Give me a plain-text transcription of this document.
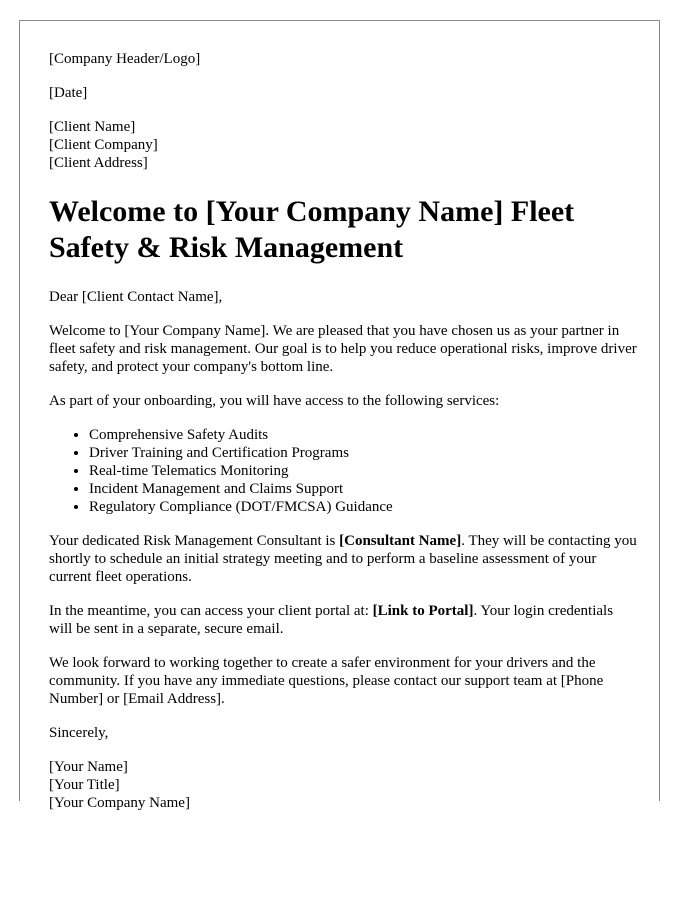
[Company Header/Logo]

[Date]

[Client Name]
[Client Company]
[Client Address]
Welcome to [Your Company Name] Fleet Safety & Risk Management

Dear [Client Contact Name],

Welcome to [Your Company Name]. We are pleased that you have chosen us as your partner in fleet safety and risk management. Our goal is to help you reduce operational risks, improve driver safety, and protect your company's bottom line.

As part of your onboarding, you will have access to the following services:

• Comprehensive Safety Audits
• Driver Training and Certification Programs
• Real-time Telematics Monitoring
• Incident Management and Claims Support
• Regulatory Compliance (DOT/FMCSA) Guidance

Your dedicated Risk Management Consultant is [Consultant Name]. They will be contacting you shortly to schedule an initial strategy meeting and to perform a baseline assessment of your current fleet operations.

In the meantime, you can access your client portal at: [Link to Portal]. Your login credentials will be sent in a separate, secure email.

We look forward to working together to create a safer environment for your drivers and the community. If you have any immediate questions, please contact our support team at [Phone Number] or [Email Address].

Sincerely,

[Your Name]
[Your Title]
[Your Company Name]
